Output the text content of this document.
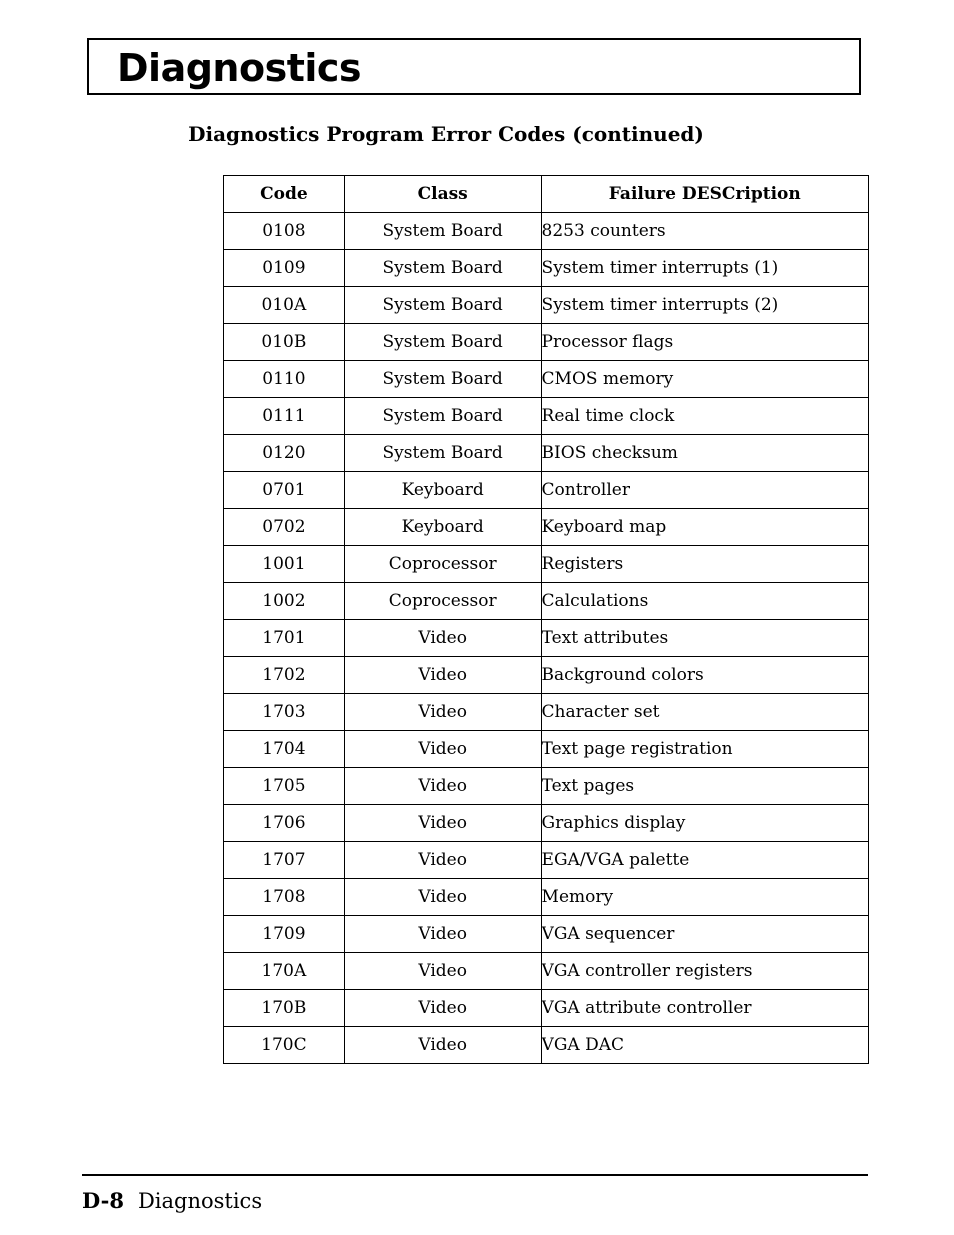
Diagnostics
Diagnostics Program Error Codes (continued)
Code	Class	Failure DESCription
0108	System Board	8253 counters
0109	System Board	System timer interrupts (1)
010A	System Board	System timer interrupts (2)
010B	System Board	Processor flags
0110	System Board	CMOS memory
0111	System Board	Real time clock
0120	System Board	BIOS checksum
0701	Keyboard	Controller
0702	Keyboard	Keyboard map
1001	Coprocessor	Registers
1002	Coprocessor	Calculations
1701	Video	Text attributes
1702	Video	Background colors
1703	Video	Character set
1704	Video	Text page registration
1705	Video	Text pages
1706	Video	Graphics display
1707	Video	EGA/VGA palette
1708	Video	Memory
1709	Video	VGA sequencer
170A	Video	VGA controller registers
170B	Video	VGA attribute controller
170C	Video	VGA DAC
D-8 Diagnostics
